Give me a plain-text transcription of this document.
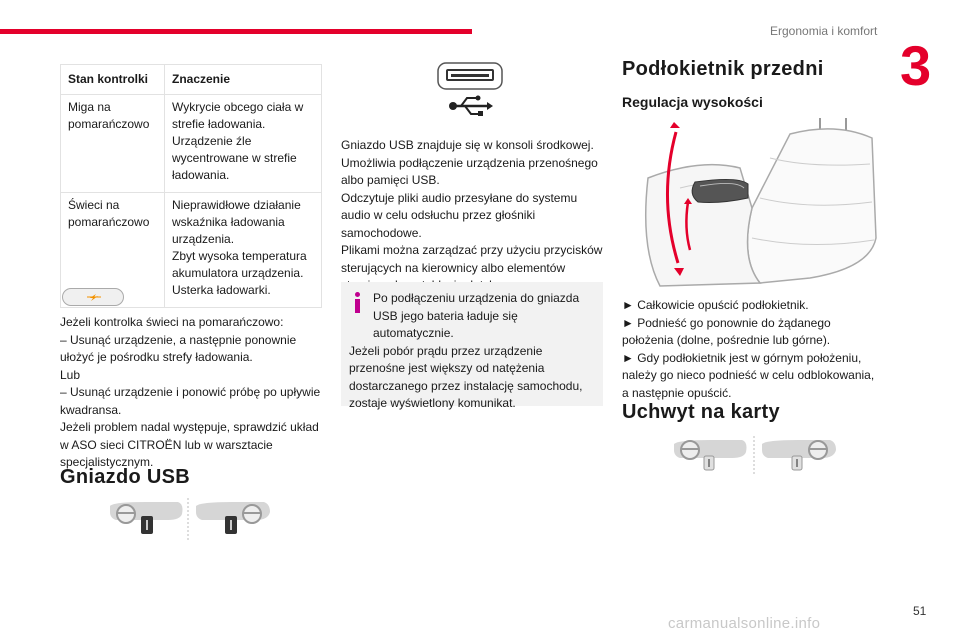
Ergonomia i komfort
3
Stan kontrolki	Znaczenie
Miga na pomarańczowo	Wykrycie obcego ciała w strefie ładowania.
Urządzenie źle wycentrowane w strefie ładowania.

Świeci na pomarańczowo	Nieprawidłowe działanie wskaźnika ładowania urządzenia.
Zbyt wysoka temperatura akumulatora urządzenia.
Usterka ładowarki.
Jeżeli kontrolka świeci na pomarańczowo:
– Usunąć urządzenie, a następnie ponownie ułożyć je pośrodku strefy ładowania.
Lub
– Usunąć urządzenie i ponowić próbę po upływie kwadransa.
Jeżeli problem nadal występuje, sprawdzić układ w ASO sieci CITROËN lub w warsztacie specjalistycznym.
Gniazdo USB
Gniazdo USB znajduje się w konsoli środkowej.
Umożliwia podłączenie urządzenia przenośnego albo pamięci USB.
Odczytuje pliki audio przesyłane do systemu audio w celu odsłuchu przez głośniki samochodowe.
Plikami można zarządzać przy użyciu przycisków sterujących na kierownicy albo elementów
Po podłączeniu urządzenia do gniazda USB jego bateria ładuje się automatycznie.
Jeżeli pobór prądu przez urządzenie przenośne jest większy od natężenia dostarczanego przez instalację samochodu, zostaje wyświetlony komunikat.
Podłokietnik przedni
Regulacja wysokości
► Całkowicie opuścić podłokietnik.
► Podnieść go ponownie do żądanego położenia (dolne, pośrednie lub górne).
► Gdy podłokietnik jest w górnym położeniu, należy go nieco podnieść w celu odblokowania, a następnie opuścić.
Uchwyt na karty
51
carmanualsonline.info
